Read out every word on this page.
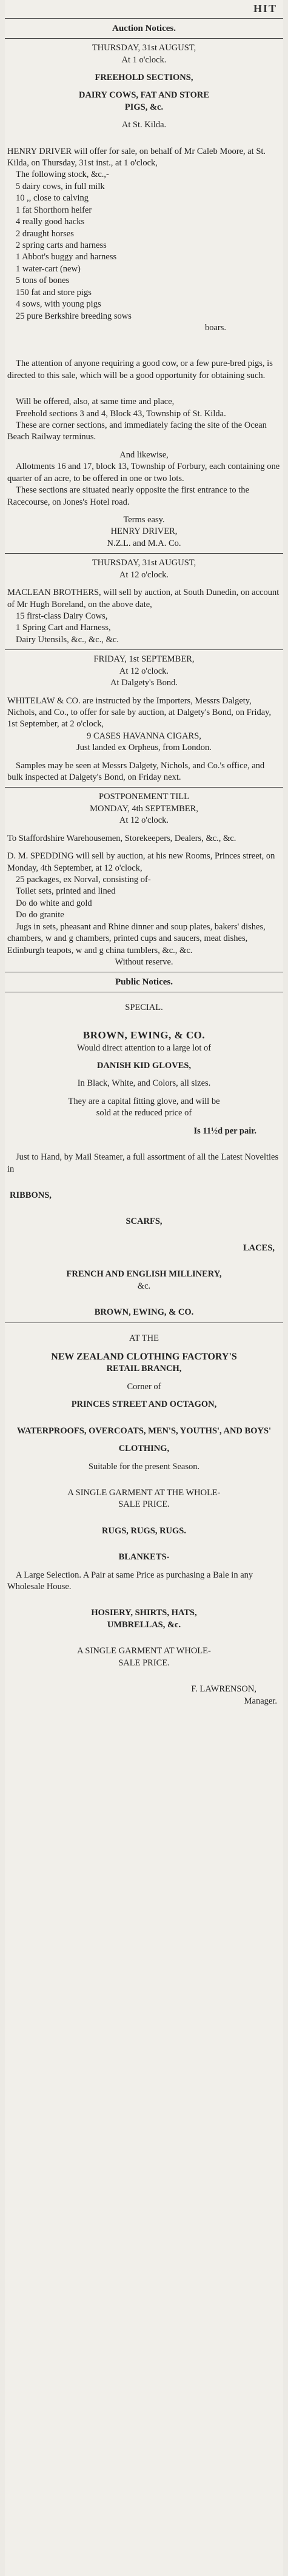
HIT
Auction Notices.

THURSDAY, 31st AUGUST,

At 1 o'clock.

FREEHOLD SECTIONS,

DAIRY COWS, FAT AND STORE

PIGS, &c.

At St. Kilda.

HENRY DRIVER will offer for sale, on behalf of Mr Caleb Moore, at St. Kilda, on Thursday, 31st inst., at 1 o'clock,

The following stock, &c.,-

5 dairy cows, in full milk

10 ,, close to calving

1 fat Shorthorn heifer

4 really good hacks

2 draught horses

2 spring carts and harness

1 Abbot's buggy and harness

1 water-cart (new)

5 tons of bones

150 fat and store pigs

4 sows, with young pigs

25 pure Berkshire breeding sows

boars.

The attention of anyone requiring a good cow, or a few pure-bred pigs, is directed to this sale, which will be a good opportunity for obtaining such.

Will be offered, also, at same time and place,

Freehold sections 3 and 4, Block 43, Township of St. Kilda.

These are corner sections, and immediately facing the site of the Ocean Beach Railway terminus.

And likewise,

Allotments 16 and 17, block 13, Township of Forbury, each containing one quarter of an acre, to be offered in one or two lots.

These sections are situated nearly opposite the first entrance to the Racecourse, on Jones's Hotel road.

Terms easy.

HENRY DRIVER,

N.Z.L. and M.A. Co.

THURSDAY, 31st AUGUST,

At 12 o'clock.

MACLEAN BROTHERS, will sell by auction, at South Dunedin, on account of Mr Hugh Boreland, on the above date,

15 first-class Dairy Cows,

1 Spring Cart and Harness,

Dairy Utensils, &c., &c., &c.

FRIDAY, 1st SEPTEMBER,

At 12 o'clock.

At Dalgety's Bond.

WHITELAW & CO. are instructed by the Importers, Messrs Dalgety, Nichols, and Co., to offer for sale by auction, at Dalgety's Bond, on Friday, 1st September, at 2 o'clock,

9 CASES HAVANNA CIGARS,

Just landed ex Orpheus, from London.

Samples may be seen at Messrs Dalgety, Nichols, and Co.'s office, and bulk inspected at Dalgety's Bond, on Friday next.

POSTPONEMENT TILL

MONDAY, 4th SEPTEMBER,

At 12 o'clock.

To Staffordshire Warehousemen, Storekeepers, Dealers, &c., &c.

D. M. SPEDDING will sell by auction, at his new Rooms, Princes street, on Monday, 4th September, at 12 o'clock,

25 packages, ex Norval, consisting of-

Toilet sets, printed and lined

Do do white and gold

Do do granite

Jugs in sets, pheasant and Rhine dinner and soup plates, bakers' dishes, chambers, w and g chambers, printed cups and saucers, meat dishes, Edinburgh teapots, w and g china tumblers, &c., &c.

Without reserve.

Public Notices.

SPECIAL.

BROWN, EWING, & CO.

Would direct attention to a large lot of

DANISH KID GLOVES,

In Black, White, and Colors, all sizes.

They are a capital fitting glove, and will be

sold at the reduced price of

Is 11½d per pair.

Just to Hand, by Mail Steamer, a full assortment of all the Latest Novelties in

RIBBONS,

SCARFS,

LACES,

FRENCH AND ENGLISH MILLINERY,

&c.

BROWN, EWING, & CO.

AT THE

NEW ZEALAND CLOTHING FACTORY'S

RETAIL BRANCH,

Corner of

PRINCES STREET AND OCTAGON,

WATERPROOFS, OVERCOATS, MEN'S, YOUTHS', AND BOYS'

CLOTHING,

Suitable for the present Season.

A SINGLE GARMENT AT THE WHOLE-

SALE PRICE.

RUGS, RUGS, RUGS.

BLANKETS-

A Large Selection. A Pair at same Price as purchasing a Bale in any Wholesale House.

HOSIERY, SHIRTS, HATS,

UMBRELLAS, &c.

A SINGLE GARMENT AT WHOLE-

SALE PRICE.

F. LAWRENSON,

Manager.
